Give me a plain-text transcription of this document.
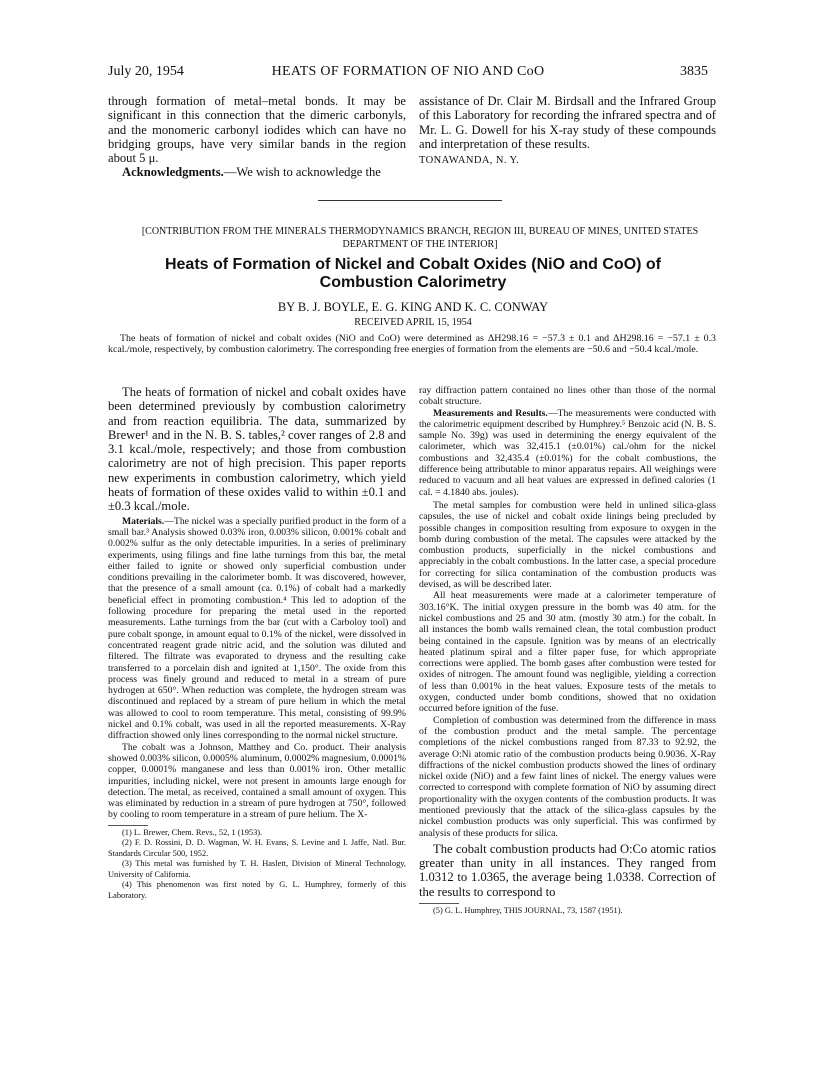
July 20, 1954	HEATS OF FORMATION OF NIO AND CoO	3835

through formation of metal–metal bonds. It may be significant in this connection that the dimeric carbonyls, and the monomeric carbonyl iodides which can have no bridging groups, have very similar bands in the region about 5 μ.

Acknowledgments.—We wish to acknowledge the

assistance of Dr. Clair M. Birdsall and the Infrared Group of this Laboratory for recording the infrared spectra and of Mr. L. G. Dowell for his X-ray study of these compounds and interpretation of these results.

TONAWANDA, N. Y.

[CONTRIBUTION FROM THE MINERALS THERMODYNAMICS BRANCH, REGION III, BUREAU OF MINES, UNITED STATES DEPARTMENT OF THE INTERIOR]
Heats of Formation of Nickel and Cobalt Oxides (NiO and CoO) of Combustion Calorimetry
BY B. J. BOYLE, E. G. KING AND K. C. CONWAY
RECEIVED APRIL 15, 1954
The heats of formation of nickel and cobalt oxides (NiO and CoO) were determined as ΔH298.16 = −57.3 ± 0.1 and ΔH298.16 = −57.1 ± 0.3 kcal./mole, respectively, by combustion calorimetry. The corresponding free energies of formation from the elements are −50.6 and −50.4 kcal./mole.

The heats of formation of nickel and cobalt oxides have been determined previously by combustion calorimetry and from reaction equilibria. The data, summarized by Brewer¹ and in the N. B. S. tables,² cover ranges of 2.8 and 3.1 kcal./mole, respectively; and those from combustion calorimetry are not of high precision. This paper reports new experiments in combustion calorimetry, which yield heats of formation of these oxides valid to within ±0.1 and ±0.3 kcal./mole.

Materials.—The nickel was a specially purified product in the form of a small bar.³ Analysis showed 0.03% iron, 0.003% silicon, 0.001% cobalt and 0.002% sulfur as the only detectable impurities. In a series of preliminary experiments, using filings and fine lathe turnings from this bar, the metal either failed to ignite or showed only superficial combustion under conditions prevailing in the calorimeter bomb. It was discovered, however, that the presence of a small amount (ca. 0.1%) of cobalt had a markedly beneficial effect in promoting combustion.⁴ This led to adoption of the following procedure for preparing the metal used in the reported measurements. Lathe turnings from the bar (cut with a Carboloy tool) and pure cobalt sponge, in amount equal to 0.1% of the nickel, were dissolved in concentrated reagent grade nitric acid, and the solution was diluted and filtered. The filtrate was evaporated to dryness and the resulting cake transferred to a porcelain dish and ignited at 1,150°. The oxide from this process was finely ground and reduced to metal in a stream of pure hydrogen at 650°. When reduction was complete, the hydrogen stream was discontinued and replaced by a stream of pure helium in which the metal was allowed to cool to room temperature. This metal, consisting of 99.9% nickel and 0.1% cobalt, was used in all the reported measurements. X-Ray diffraction showed only lines corresponding to the normal nickel structure.

The cobalt was a Johnson, Matthey and Co. product. Their analysis showed 0.003% silicon, 0.0005% aluminum, 0.0002% magnesium, 0.0001% copper, 0.0001% manganese and less than 0.001% iron. Other metallic impurities, including nickel, were not present in amounts large enough for detection. The metal, as received, contained a small amount of oxygen. This was eliminated by reduction in a stream of pure hydrogen at 750°, followed by cooling to room temperature in a stream of pure helium. The X-

(1) L. Brewer, Chem. Revs., 52, 1 (1953).

(2) F. D. Rossini, D. D. Wagman, W. H. Evans, S. Levine and I. Jaffe, Natl. Bur. Standards Circular 500, 1952.

(3) This metal was furnished by T. H. Haslett, Division of Mineral Technology, University of California.

(4) This phenomenon was first noted by G. L. Humphrey, formerly of this Laboratory.

ray diffraction pattern contained no lines other than those of the normal cobalt structure.

Measurements and Results.—The measurements were conducted with the calorimetric equipment described by Humphrey.⁵ Benzoic acid (N. B. S. sample No. 39g) was used in determining the energy equivalent of the calorimeter, which was 32,415.1 (±0.01%) cal./ohm for the nickel combustions and 32,435.4 (±0.01%) for the cobalt combustions, the difference being attributable to minor apparatus repairs. All weighings were reduced to vacuum and all heat values are expressed in defined calories (1 cal. = 4.1840 abs. joules).

The metal samples for combustion were held in unlined silica-glass capsules, the use of nickel and cobalt oxide linings being precluded by possible changes in composition resulting from exposure to oxygen in the bomb during combustion of the metal. The capsules were attacked by the combustion products, superficially in the nickel combustions and appreciably in the cobalt combustions. In the latter case, a special procedure for correcting for silica contamination of the combustion products was devised, as will be described later.

All heat measurements were made at a calorimeter temperature of 303.16°K. The initial oxygen pressure in the bomb was 40 atm. for the nickel combustions and 25 and 30 atm. (mostly 30 atm.) for the cobalt. In all instances the bomb walls remained clean, the total combustion product being contained in the capsule. Ignition was by means of an electrically heated platinum spiral and a filter paper fuse, for which appropriate corrections were applied. The bomb gases after combustion were tested for oxides of nitrogen. The amount found was negligible, yielding a correction of less than 0.001% in the heat values. Exposure tests of the metals to oxygen, conducted under bomb conditions, showed that no oxidation occurred before ignition of the fuse.

Completion of combustion was determined from the difference in mass of the combustion product and the metal sample. The percentage completions of the nickel combustions ranged from 87.33 to 92.92, the average O:Ni atomic ratio of the combustion products being 0.9036. X-Ray diffractions of the nickel combustion products showed the lines of ordinary nickel oxide (NiO) and a few faint lines of nickel. The energy values were corrected to correspond with complete formation of NiO by assuming direct proportionality with the oxygen contents of the combustion products. It was mentioned previously that the attack of the silica-glass capsules by the nickel combustion products was only superficial. This was confirmed by analysis of these products for silica.

The cobalt combustion products had O:Co atomic ratios greater than unity in all instances. They ranged from 1.0312 to 1.0365, the average being 1.0338. Correction of the results to correspond to

(5) G. L. Humphrey, THIS JOURNAL, 73, 1587 (1951).
